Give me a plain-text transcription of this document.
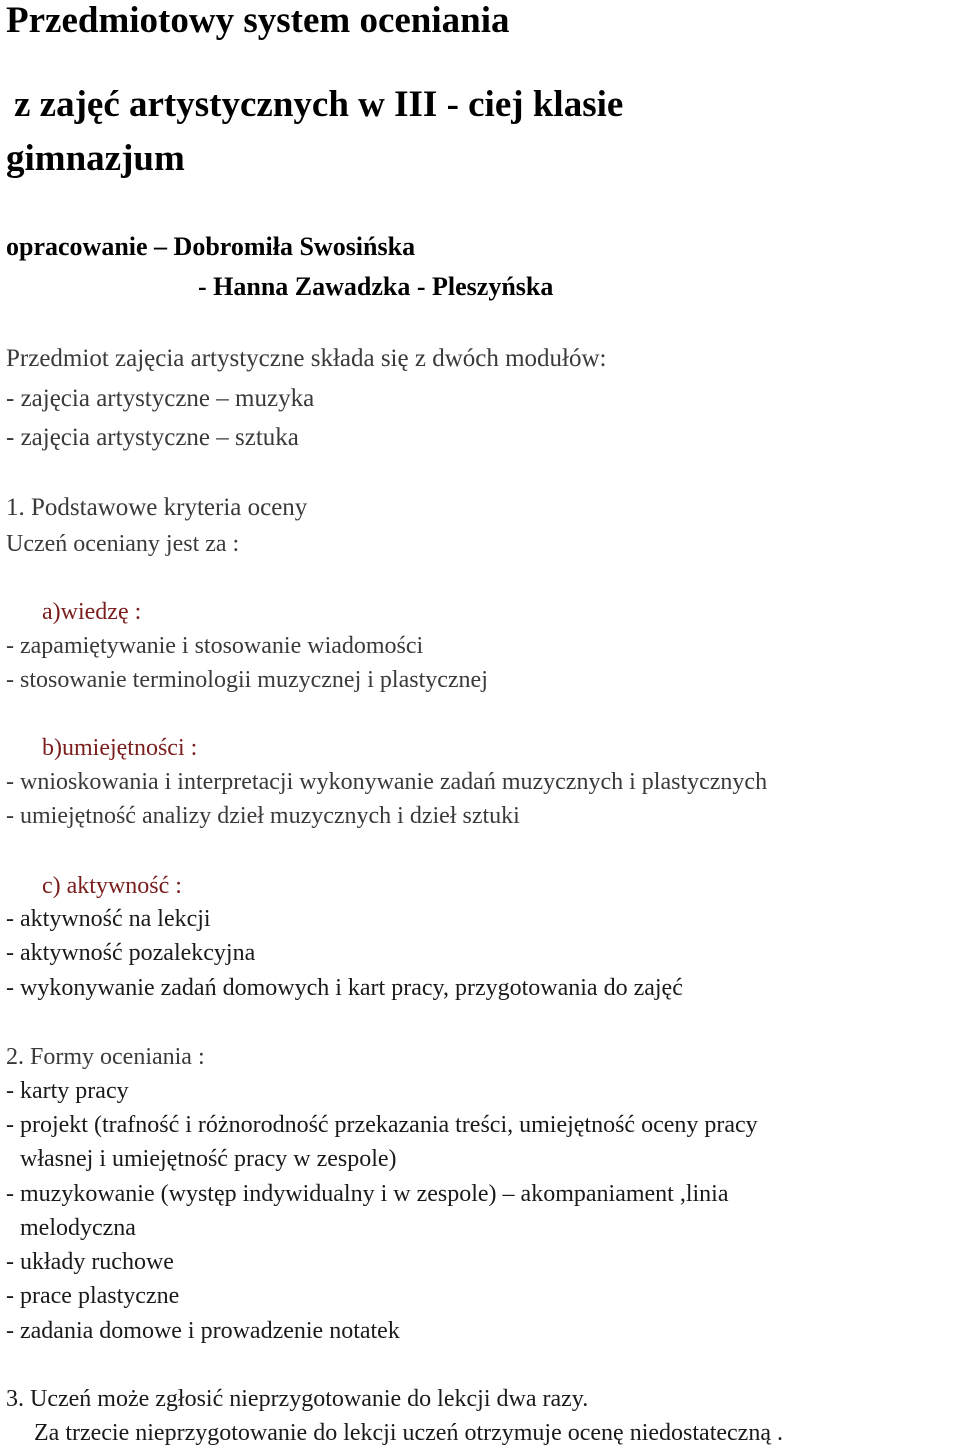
Przedmiotowy system oceniania
z zajęć artystycznych w III - ciej klasie
gimnazjum
opracowanie – Dobromiła Swosińska
- Hanna Zawadzka - Pleszyńska
Przedmiot zajęcia artystyczne składa się z dwóch modułów:
- zajęcia artystyczne – muzyka
- zajęcia artystyczne – sztuka
1. Podstawowe kryteria oceny
Uczeń oceniany jest za :
a)wiedzę :
- zapamiętywanie i stosowanie wiadomości
- stosowanie terminologii muzycznej i plastycznej
b)umiejętności :
- wnioskowania i interpretacji wykonywanie zadań muzycznych i plastycznych
- umiejętność analizy dzieł muzycznych i dzieł sztuki
c) aktywność :
- aktywność na lekcji
- aktywność pozalekcyjna
- wykonywanie zadań domowych i kart pracy, przygotowania do zajęć
2. Formy oceniania :
- karty pracy
- projekt (trafność i różnorodność przekazania treści, umiejętność oceny pracy
własnej i umiejętność pracy w zespole)
- muzykowanie (występ indywidualny i w zespole) – akompaniament ,linia
melodyczna
- układy ruchowe
- prace plastyczne
- zadania domowe i prowadzenie notatek
3. Uczeń może zgłosić nieprzygotowanie do lekcji dwa razy.
Za trzecie nieprzygotowanie do lekcji uczeń otrzymuje ocenę niedostateczną .
